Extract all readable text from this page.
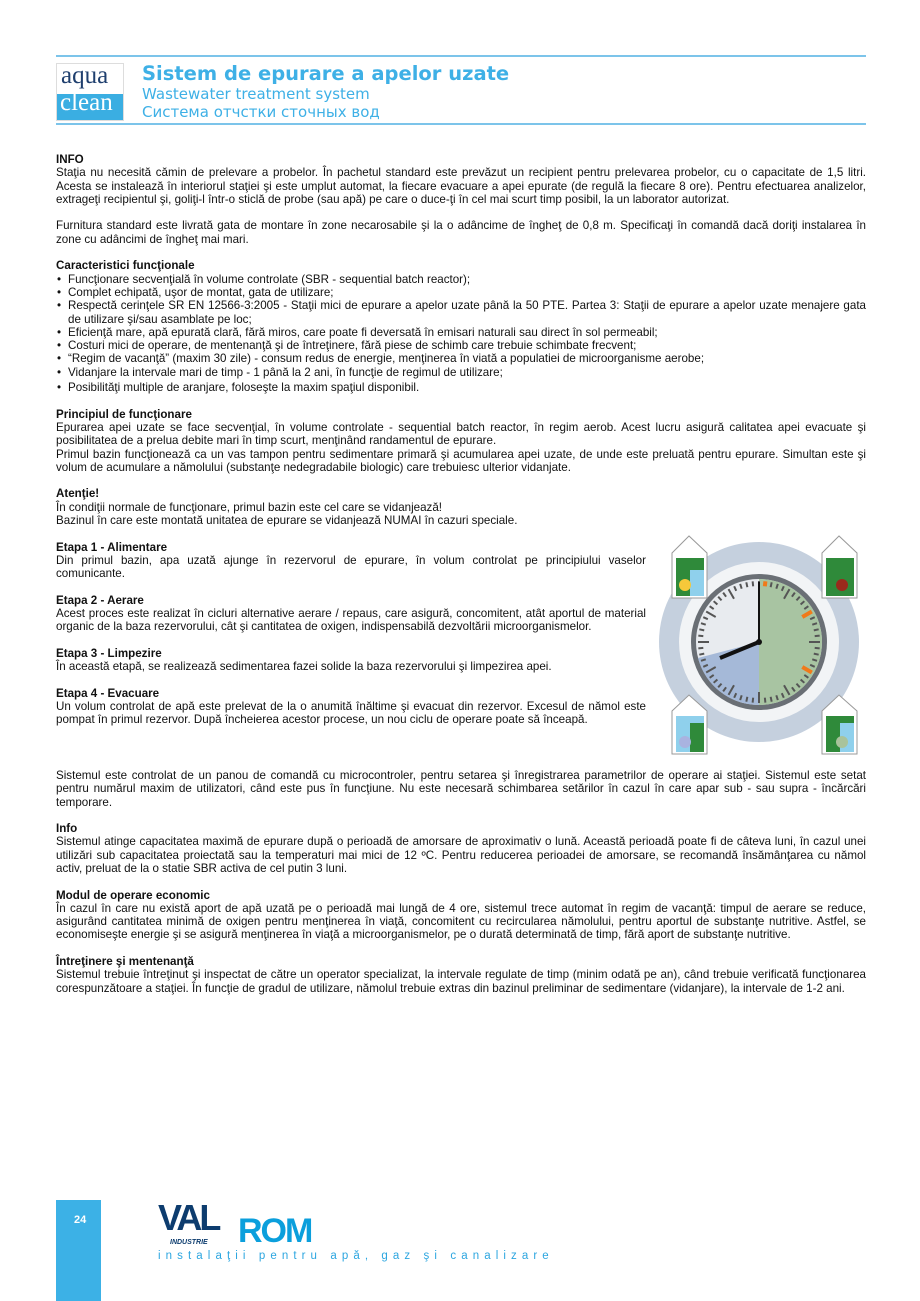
aqua
clean
Sistem de epurare a apelor uzate
Wastewater treatment system
Система отчстки сточных вод
INFO

Staţia nu necesită cămin de prelevare a probelor. În pachetul standard este prevăzut un recipient pentru prelevarea probelor, cu o capacitate de 1,5 litri. Acesta se instalează în interiorul staţiei şi este umplut automat, la fiecare evacuare a apei epurate (de regulă la fiecare 8 ore). Pentru efectuarea analizelor, extrageţi recipientul şi, goliţi-l într-o sticlă de probe (sau apă) pe care o duce-ţi în cel mai scurt timp posibil, la un laborator autorizat.

Furnitura standard este livrată gata de montare în zone necarosabile şi la o adâncime de îngheţ de 0,8 m. Specificaţi în comandă dacă doriţi instalarea în zone cu adâncimi de îngheţ mai mari.

Caracteristici funcţionale
• Funcţionare secvenţială în volume controlate (SBR - sequential batch reactor);
• Complet echipată, uşor de montat, gata de utilizare;
• Respectă cerinţele SR EN 12566-3:2005 - Staţii mici de epurare a apelor uzate până la 50 PTE. Partea 3: Staţii de epurare a apelor uzate menajere gata de utilizare şi/sau asamblate pe loc;
• Eficienţă mare, apă epurată clară, fără miros, care poate fi deversată în emisari naturali sau direct în sol permeabil;
• Costuri mici de operare, de mentenanţă şi de întreţinere, fără piese de schimb care trebuie schimbate frecvent;
• “Regim de vacanţă” (maxim 30 zile) - consum redus de energie, menţinerea în viată a populatiei de microorganisme aerobe;
• Vidanjare la intervale mari de timp - 1 până la 2 ani, în funcţie de regimul de utilizare;
• Posibilităţi multiple de aranjare, foloseşte la maxim spaţiul disponibil.
Principiul de funcţionare

Epurarea apei uzate se face secvenţial, în volume controlate - sequential batch reactor, în regim aerob. Acest lucru asigură calitatea apei evacuate şi posibilitatea de a prelua debite mari în timp scurt, menţinând randamentul de epurare.

Primul bazin funcţionează ca un vas tampon pentru sedimentare primară şi acumularea apei uzate, de unde este preluată pentru epurare. Simultan este şi volum de acumulare a nămolului (substanţe nedegradabile biologic) care trebuiesc ulterior vidanjate.

Atenţie!
În condiţii normale de funcţionare, primul bazin este cel care se vidanjează!

Bazinul în care este montată unitatea de epurare se vidanjează NUMAI în cazuri speciale.

Etapa 1 - Alimentare

Din primul bazin, apa uzată ajunge în rezervorul de epurare, în volum controlat pe principiului vaselor comunicante.

Etapa 2 - Aerare

Acest proces este realizat în cicluri alternative aerare / repaus, care asigură, concomitent, atât aportul de material organic de la baza rezervorului, cât şi cantitatea de oxigen, indispensabilă dezvoltării microorganismelor.

Etapa 3 - Limpezire

În această etapă, se realizează sedimentarea fazei solide la baza rezervorului şi limpezirea apei.

Etapa 4 - Evacuare

Un volum controlat de apă este prelevat de la o anumită înăltime şi evacuat din rezervor. Excesul de nămol este pompat în primul rezervor. După încheierea acestor procese, un nou ciclu de operare poate să înceapă.

Sistemul este controlat de un panou de comandă cu microcontroler, pentru setarea şi înregistrarea parametrilor de operare ai staţiei. Sistemul este setat pentru numărul maxim de utilizatori, când este pus în funcţiune. Nu este necesară schimbarea setărilor în cazul în care apar sub - sau supra - încărcări temporare.

Info

Sistemul atinge capacitatea maximă de epurare după o perioadă de amorsare de aproximativ o lună. Această perioadă poate fi de câteva luni, în cazul unei utilizări sub capacitatea proiectată sau la temperaturi mai mici de 12 ºC. Pentru reducerea perioadei de amorsare, se recomandă însămânţarea cu nămol activ, preluat de la o statie SBR activa de cel putin 3 luni.

Modul de operare economic

În cazul în care nu există aport de apă uzată pe o perioadă mai lungă de 4 ore, sistemul trece automat în regim de vacanţă: timpul de aerare se reduce, asigurând cantitatea minimă de oxigen pentru menţinerea în viaţă, concomitent cu recircularea nămolului, pentru aportul de substanţe nutritive. Astfel, se economiseşte energie şi se asigură menţinerea în viaţă a microorganismelor, pe o durată determinată de timp, fără aport de substanţe nutritive.

Întreţinere şi mentenanţă

Sistemul trebuie întreţinut şi inspectat de către un operator specializat, la intervale regulate de timp (minim odată pe an), când trebuie verificată funcţionarea corespunzătoare a staţiei. În funcţie de gradul de utilizare, nămolul trebuie extras din bazinul preliminar de sedimentare (vidanjare), la intervale de 1-2 ani.

24 VAL ROM
INDUSTRIE
instalaţii pentru apă, gaz şi canalizare
